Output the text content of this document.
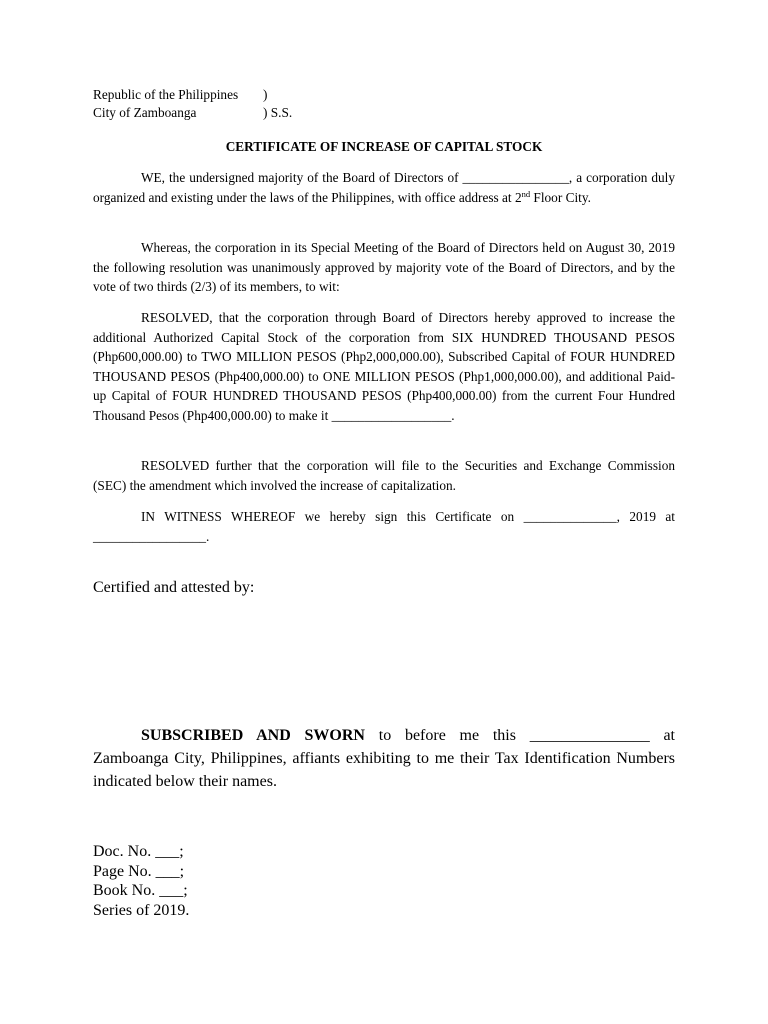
Republic of the Philippines	)
City of Zamboanga	) S.S.
CERTIFICATE OF INCREASE OF CAPITAL STOCK

WE, the undersigned majority of the Board of Directors of ________________, a corporation duly organized and existing under the laws of the Philippines, with office address at 2nd Floor City.

Whereas, the corporation in its Special Meeting of the Board of Directors held on August 30, 2019 the following resolution was unanimously approved by majority vote of the Board of Directors, and by the vote of two thirds (2/3) of its members, to wit:

RESOLVED, that the corporation through Board of Directors hereby approved to increase the additional Authorized Capital Stock of the corporation from SIX HUNDRED THOUSAND PESOS (Php600,000.00) to TWO MILLION PESOS (Php2,000,000.00), Subscribed Capital of FOUR HUNDRED THOUSAND PESOS (Php400,000.00) to ONE MILLION PESOS (Php1,000,000.00), and additional Paid-up Capital of FOUR HUNDRED THOUSAND PESOS (Php400,000.00) from the current Four Hundred Thousand Pesos (Php400,000.00) to make it __________________.

RESOLVED further that the corporation will file to the Securities and Exchange Commission (SEC) the amendment which involved the increase of capitalization.

IN WITNESS WHEREOF we hereby sign this Certificate on ______________, 2019 at _________________.

Certified and attested by:

SUBSCRIBED AND SWORN to before me this _______________ at Zamboanga City, Philippines, affiants exhibiting to me their Tax Identification Numbers indicated below their names.

Doc. No. ___;
Page No. ___;
Book No. ___;
Series of 2019.
